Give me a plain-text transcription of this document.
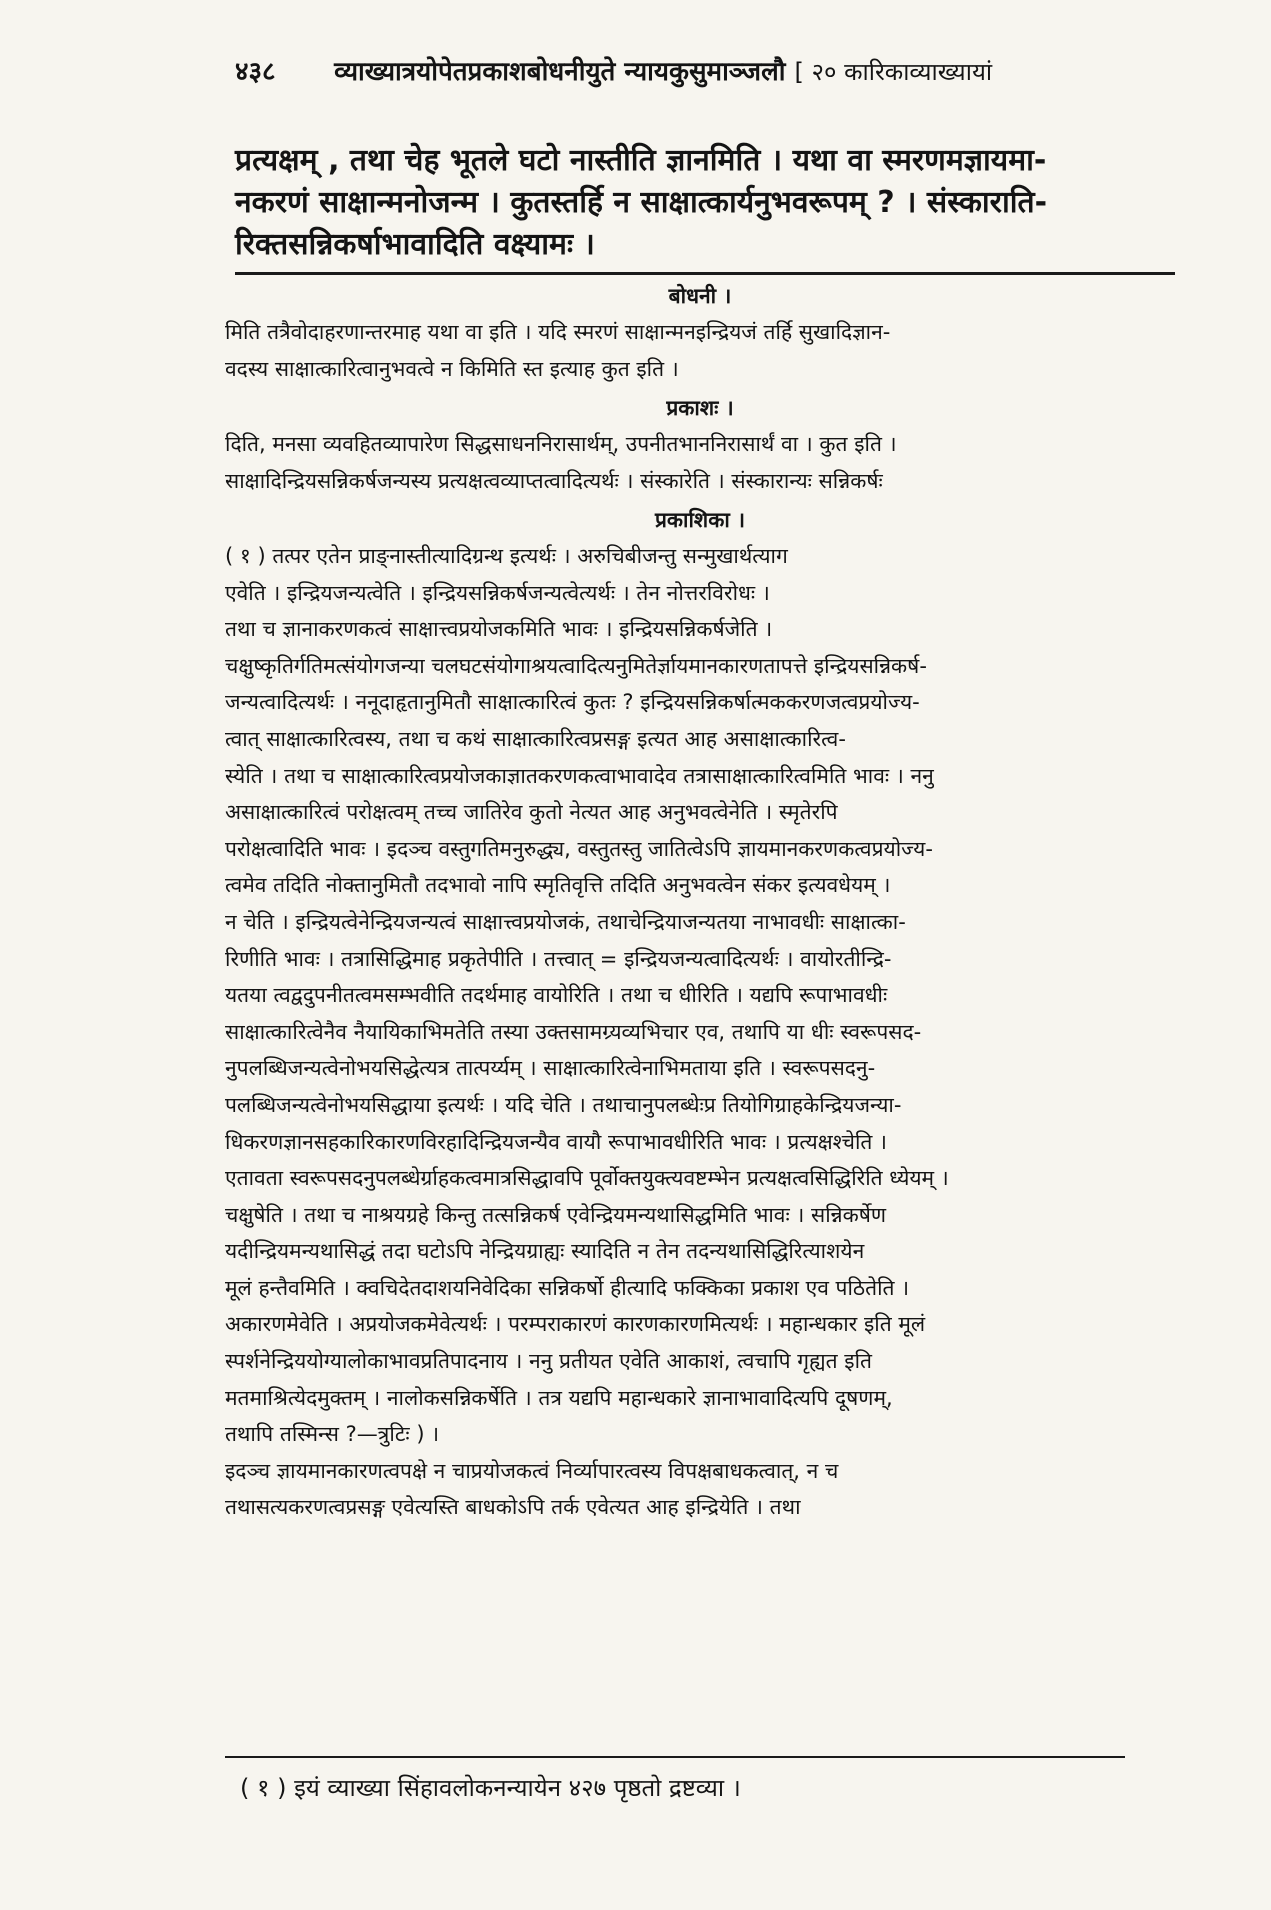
४३८ व्याख्यात्रयोपेतप्रकाशबोधनीयुते न्यायकुसुमाञ्जलौ [ २० कारिकाव्याख्यायां

प्रत्यक्षम् , तथा चेह भूतले घटो नास्तीति ज्ञानमिति । यथा वा स्मरणमज्ञायमा-

नकरणं साक्षान्मनोजन्म । कुतस्तर्हि न साक्षात्कार्यनुभवरूपम् ? । संस्काराति-

रिक्तसन्निकर्षाभावादिति वक्ष्यामः ।

बोधनी ।

मिति तत्रैवोदाहरणान्तरमाह यथा वा इति । यदि स्मरणं साक्षान्मनइन्द्रियजं तर्हि सुखादिज्ञान-

वदस्य साक्षात्कारित्वानुभवत्वे न किमिति स्त इत्याह कुत इति ।

प्रकाशः ।

दिति, मनसा व्यवहितव्यापारेण सिद्धसाधननिरासार्थम्, उपनीतभाननिरासार्थं वा । कुत इति ।

साक्षादिन्द्रियसन्निकर्षजन्यस्य प्रत्यक्षत्वव्याप्तत्वादित्यर्थः । संस्कारेति । संस्कारान्यः सन्निकर्षः

प्रकाशिका ।

( १ ) तत्पर एतेन प्राङ्नास्तीत्यादिग्रन्थ इत्यर्थः । अरुचिबीजन्तु सन्मुखार्थत्याग

एवेति । इन्द्रियजन्यत्वेति । इन्द्रियसन्निकर्षजन्यत्वेत्यर्थः । तेन नोत्तरविरोधः ।

तथा च ज्ञानाकरणकत्वं साक्षात्त्वप्रयोजकमिति भावः । इन्द्रियसन्निकर्षजेति ।

चक्षुष्कृतिर्गतिमत्संयोगजन्या चलघटसंयोगाश्रयत्वादित्यनुमितेर्ज्ञायमानकारणतापत्ते इन्द्रियसन्निकर्ष-

जन्यत्वादित्यर्थः । ननूदाहृतानुमितौ साक्षात्कारित्वं कुतः ? इन्द्रियसन्निकर्षात्मककरणजत्वप्रयोज्य-

त्वात् साक्षात्कारित्वस्य, तथा च कथं साक्षात्कारित्वप्रसङ्ग इत्यत आह असाक्षात्कारित्व-

स्येति । तथा च साक्षात्कारित्वप्रयोजकाज्ञातकरणकत्वाभावादेव तत्रासाक्षात्कारित्वमिति भावः । ननु

असाक्षात्कारित्वं परोक्षत्वम् तच्च जातिरेव कुतो नेत्यत आह अनुभवत्वेनेति । स्मृतेरपि

परोक्षत्वादिति भावः । इदञ्च वस्तुगतिमनुरुद्ध्य, वस्तुतस्तु जातित्वेऽपि ज्ञायमानकरणकत्वप्रयोज्य-

त्वमेव तदिति नोक्तानुमितौ तदभावो नापि स्मृतिवृत्ति तदिति अनुभवत्वेन संकर इत्यवधेयम् ।

न चेति । इन्द्रियत्वेनेन्द्रियजन्यत्वं साक्षात्त्वप्रयोजकं, तथाचेन्द्रियाजन्यतया नाभावधीः साक्षात्का-

रिणीति भावः । तत्रासिद्धिमाह प्रकृतेपीति । तत्त्वात् = इन्द्रियजन्यत्वादित्यर्थः । वायोरतीन्द्रि-

यतया त्वद्वदुपनीतत्वमसम्भवीति तदर्थमाह वायोरिति । तथा च धीरिति । यद्यपि रूपाभावधीः

साक्षात्कारित्वेनैव नैयायिकाभिमतेति तस्या उक्तसामग्र्यव्यभिचार एव, तथापि या धीः स्वरूपसद-

नुपलब्धिजन्यत्वेनोभयसिद्धेत्यत्र तात्पर्य्यम् । साक्षात्कारित्वेनाभिमताया इति । स्वरूपसदनु-

पलब्धिजन्यत्वेनोभयसिद्धाया इत्यर्थः । यदि चेति । तथाचानुपलब्धेःप्र तियोगिग्राहकेन्द्रियजन्या-

धिकरणज्ञानसहकारिकारणविरहादिन्द्रियजन्यैव वायौ रूपाभावधीरिति भावः । प्रत्यक्षश्चेति ।

एतावता स्वरूपसदनुपलब्धेर्ग्राहकत्वमात्रसिद्धावपि पूर्वोक्तयुक्त्यवष्टम्भेन प्रत्यक्षत्वसिद्धिरिति ध्येयम् ।

चक्षुषेति । तथा च नाश्रयग्रहे किन्तु तत्सन्निकर्ष एवेन्द्रियमन्यथासिद्धमिति भावः । सन्निकर्षेण

यदीन्द्रियमन्यथासिद्धं तदा घटोऽपि नेन्द्रियग्राह्यः स्यादिति न तेन तदन्यथासिद्धिरित्याशयेन

मूलं हन्तैवमिति । क्वचिदेतदाशयनिवेदिका सन्निकर्षो हीत्यादि फक्किका प्रकाश एव पठितेति ।

अकारणमेवेति । अप्रयोजकमेवेत्यर्थः । परम्पराकारणं कारणकारणमित्यर्थः । महान्धकार इति मूलं

स्पर्शनेन्द्रिययोग्यालोकाभावप्रतिपादनाय । ननु प्रतीयत एवेति आकाशं, त्वचापि गृह्यत इति

मतमाश्रित्येदमुक्तम् । नालोकसन्निकर्षेति । तत्र यद्यपि महान्धकारे ज्ञानाभावादित्यपि दूषणम्,

तथापि तस्मिन्स ?—त्रुटिः ) ।

इदञ्च ज्ञायमानकारणत्वपक्षे न चाप्रयोजकत्वं निर्व्यापारत्वस्य विपक्षबाधकत्वात्, न च

तथासत्यकरणत्वप्रसङ्ग एवेत्यस्ति बाधकोऽपि तर्क एवेत्यत आह इन्द्रियेति । तथा

( १ ) इयं व्याख्या सिंहावलोकनन्यायेन ४२७ पृष्ठतो द्रष्टव्या ।
